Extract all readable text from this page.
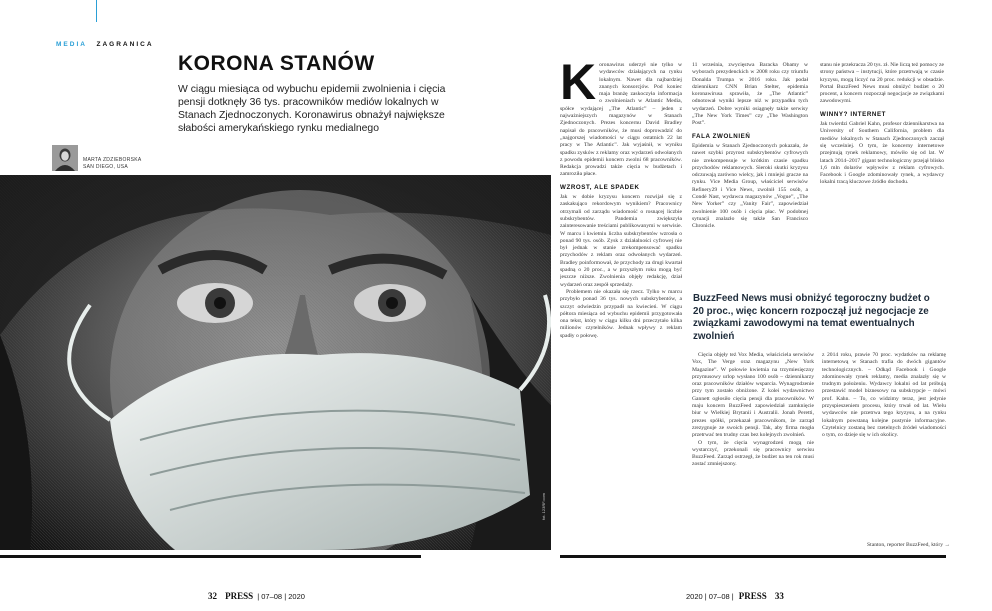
MEDIA ZAGRANICA
KORONA STANÓW
W ciągu miesiąca od wybuchu epidemii zwolnienia i cięcia pensji dotknęły 36 tys. pracowników mediów lokalnych w Stanach Zjednoczonych. Koronawirus obnażył największe słabości amerykańskiego rynku medialnego
MARTA ZDZIEBORSKA
SAN DIEGO, USA
fot. 123RF.com
K oronawirus uderzył nie tylko w wydawców działających na rynku lokalnym. Nawet dla najbardziej znanych konsorcjów. Pod koniec maja branżę zaskoczyła informacja o zwolnieniach w Atlantic Media, spółce wydającej „The Atlantic” – jeden z najważniejszych magazynów w Stanach Zjednoczonych. Prezes koncernu David Bradley napisał do pracowników, że musi doprowadzić do „najgorszej wiadomości w ciągu ostatnich 22 lat pracy w The Atlantic”. Jak wyjaśnił, w wyniku spadku zysków z reklamy oraz wydarzeń odwołanych z powodu epidemii koncern zwolni 68 pracowników. Redakcja prowadzi także cięcia w budżetach i zamroziła płace.

WZROST, ALE SPADEK

Jak w dobie kryzysu koncern rozwijał się z zaskakująco rekordowym wynikiem? Pracownicy otrzymali od zarządu wiadomość o rosnącej liczbie subskrybentów. Pandemia zwiększyła zainteresowanie treściami publikowanymi w serwisie. W marcu i kwietniu liczba subskrybentów wzrosła o ponad 90 tys. osób. Zysk z działalności cyfrowej nie był jednak w stanie zrekompensować spadku przychodów z reklam oraz odwołanych wydarzeń. Bradley poinformował, że przychody za drugi kwartał spadną o 20 proc., a w przyszłym roku mogą być jeszcze niższe. Zwolnienia objęły redakcję, dział wydarzeń oraz zespół sprzedaży.

Problemem nie okazała się rzecz. Tylko w marcu przybyło ponad 36 tys. nowych subskrybentów, a szczyt odwiedzin przypadł na kwiecień. W ciągu półtora miesiąca od wybuchu epidemii przygotowała ona tekst, który w ciągu kilku dni przeczytało kilka milionów czytelników. Jednak wpływy z reklam spadły o połowę.

11 września, zwycięstwa Baracka Obamy w wyborach prezydenckich w 2008 roku czy triumfu Donalda Trumpa w 2016 roku. Jak podał dziennikarz CNN Brian Stelter, epidemia koronawirusa sprawiła, że „The Atlantic” odnotował wyniki lepsze niż w przypadku tych wydarzeń. Dobre wyniki osiągnęły także serwisy „The New York Times” czy „The Washington Post”.

FALA ZWOLNIEŃ

Epidemia w Stanach Zjednoczonych pokazała, że nawet szybki przyrost subskrybentów cyfrowych nie zrekompensuje w krótkim czasie spadku przychodów reklamowych. Sieroki skutki kryzysu odczuwają zarówno wielcy, jak i mniejsi gracze na rynku. Vice Media Group, właściciel serwisów Refinery29 i Vice News, zwolnił 155 osób, a Condé Nast, wydawca magazynów „Vogue”, „The New Yorker” czy „Vanity Fair”, zapowiedział zwolnienie 100 osób i cięcia płac. W podobnej sytuacji znalazło się także San Francisco Chronicle.

stanu nie przekracza 20 tys. zł. Nie liczą też pomocy ze strony państwa – instytucji, które przetrwają w czasie kryzysu, mogą liczyć na 20 proc. redukcji w obsadzie. Portal BuzzFeed News musi obniżyć budżet o 20 procent, a koncern rozpoczął negocjacje ze związkami zawodowymi.

WINNY? INTERNET

Jak twierdzi Gabriel Kahn, profesor dziennikarstwa na University of Southern California, problem dla mediów lokalnych w Stanach Zjednoczonych zaczął się wcześniej. O tym, że koncerny internetowe przejmują rynek reklamowy, mówiło się od lat. W latach 2014–2017 gigant technologiczny przejął blisko 1,6 mln dolarów wpływów z reklam cyfrowych. Facebook i Google zdominowały rynek, a wydawcy lokalni tracą kluczowe źródło dochodu.

BuzzFeed News musi obniżyć tegoroczny budżet o 20 proc., więc koncern rozpoczął już negocjacje ze związkami zawodowymi na temat ewentualnych zwolnień

Cięcia objęły też Vox Media, właściciela serwisów Vox, The Verge oraz magazynu „New York Magazine”. W połowie kwietnia na trzymiesięczny przymusowy urlop wysłano 100 osób – dziennikarzy oraz pracowników działów wsparcia. Wynagrodzenie przy tym zostało obniżone. Z kolei wydawnictwo Gannett ogłosiło cięcia pensji dla pracowników. W maju koncern BuzzFeed zapowiedział zamknięcie biur w Wielkiej Brytanii i Australii. Jonah Peretti, prezes spółki, przekazał pracownikom, że zarząd zrezygnuje ze swoich pensji. Tak, aby firma mogła przetrwać ten trudny czas bez kolejnych zwolnień.

O tym, że cięcia wynagrodzeń mogą nie wystarczyć, przekonali się pracownicy serwisu BuzzFeed. Zarząd ostrzegł, że budżet na ten rok musi zostać zmniejszony.

z 2014 roku, prawie 70 proc. wydatków na reklamę internetową w Stanach trafia do dwóch gigantów technologicznych. – Odkąd Facebook i Google zdominowały rynek reklamy, media znalazły się w trudnym położeniu. Wydawcy lokalni od lat próbują przestawić model biznesowy na subskrypcje – mówi prof. Kahn. – To, co widzimy teraz, jest jedynie przyspieszeniem procesu, który trwał od lat. Wielu wydawców nie przetrwa tego kryzysu, a na rynku lokalnym powstaną kolejne pustynie informacyjne. Czytelnicy zostaną bez rzetelnych źródeł wiadomości o tym, co dzieje się w ich okolicy.

Stanton, reporter BuzzFeed, który →
32 PRESS | 07–08 | 2020	2020 | 07–08 | PRESS 33
